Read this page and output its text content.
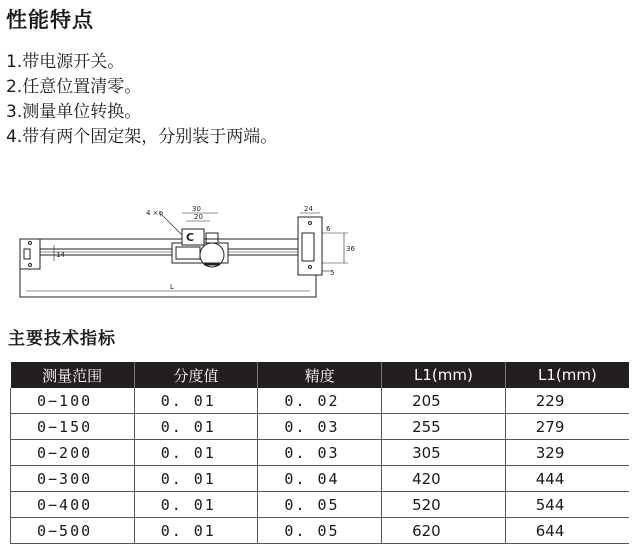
性能特点
1.带电源开关。
2.任意位置清零。
3.测量单位转换。
4.带有两个固定架，分别装于两端。
4 ×φ	30
20
24
6
36
5
14
L
C
主要技术指标
测量范围	分度值	精度	L1(mm)	L1(mm)
0−100	0. 01	0. 02	205	229
0−150	0. 01	0. 03	255	279
0−200	0. 01	0. 03	305	329
0−300	0. 01	0. 04	420	444
0−400	0. 01	0. 05	520	544
0−500	0. 01	0. 05	620	644
